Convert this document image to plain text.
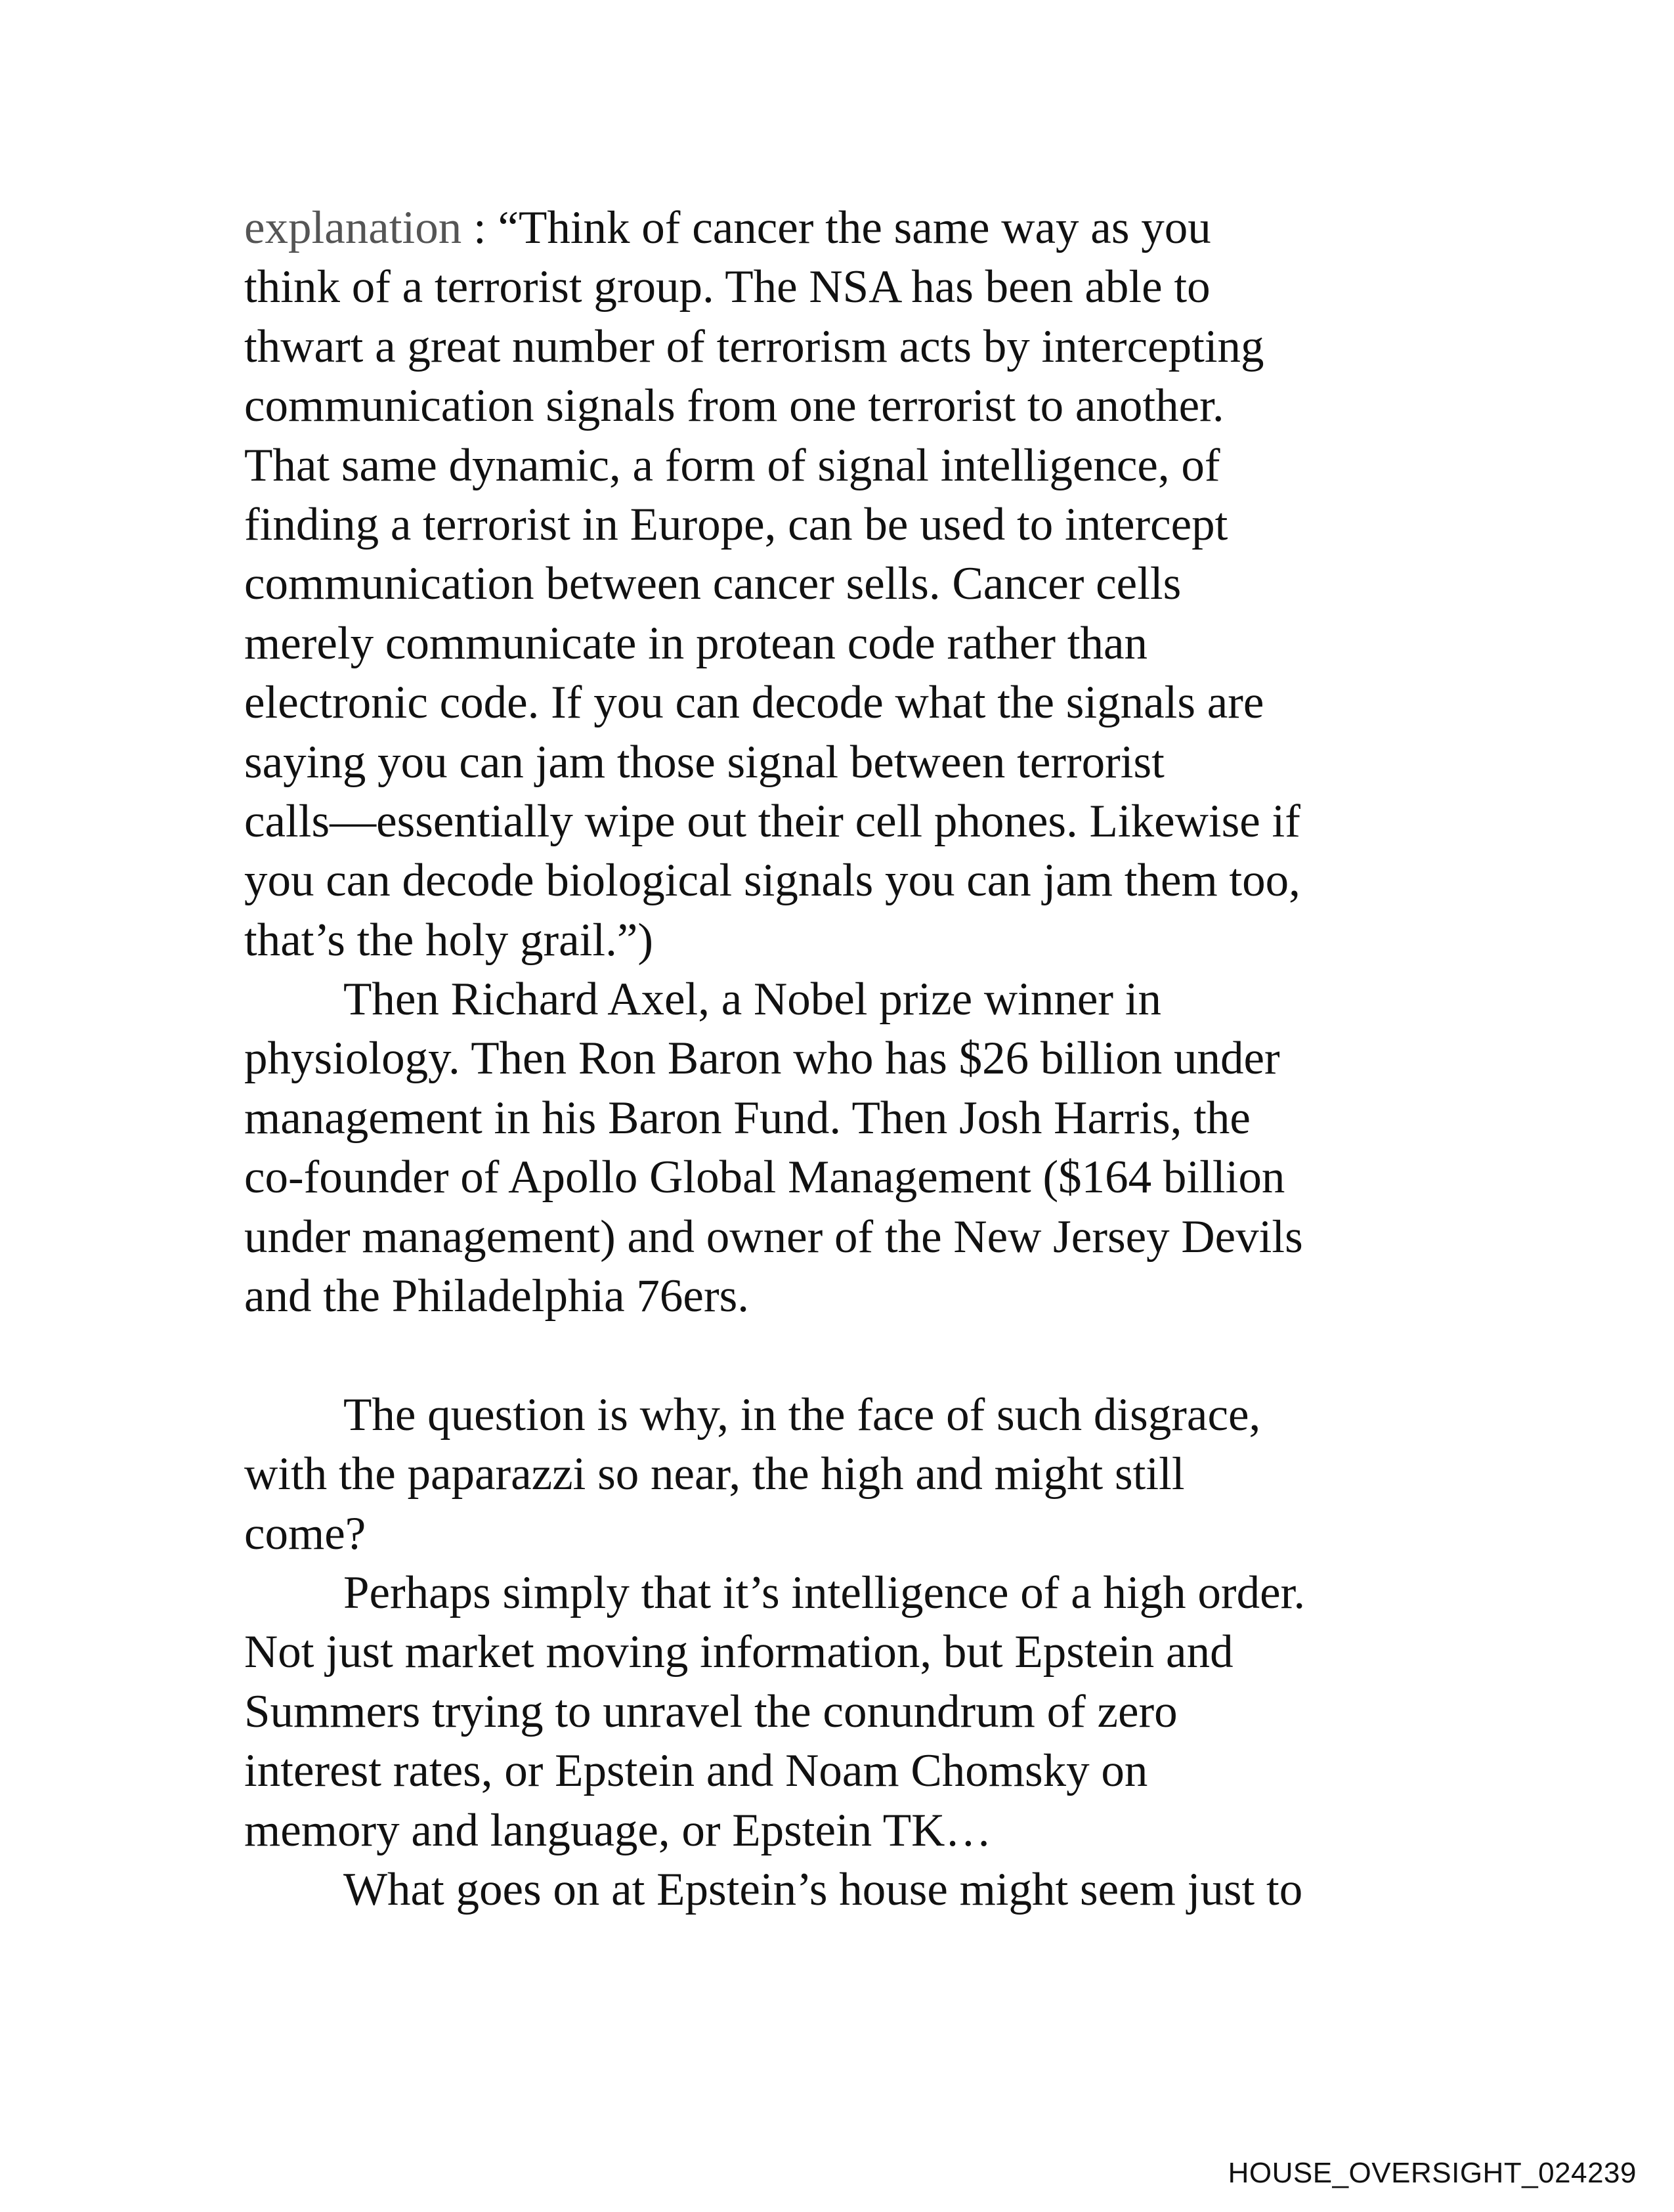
explanation : “Think of cancer the same way as you
think of a terrorist group. The NSA has been able to
thwart a great number of terrorism acts by intercepting
communication signals from one terrorist to another.
That same dynamic, a form of signal intelligence, of
finding a terrorist in Europe, can be used to intercept
communication between cancer sells. Cancer cells
merely communicate in protean code rather than
electronic code. If you can decode what the signals are
saying you can jam those signal between terrorist
calls—essentially wipe out their cell phones. Likewise if
you can decode biological signals you can jam them too,
that’s the holy grail.”)
Then Richard Axel, a Nobel prize winner in
physiology. Then Ron Baron who has $26 billion under
management in his Baron Fund. Then Josh Harris, the
co-founder of Apollo Global Management ($164 billion
under management) and owner of the New Jersey Devils
and the Philadelphia 76ers.
The question is why, in the face of such disgrace,
with the paparazzi so near, the high and might still
come?
Perhaps simply that it’s intelligence of a high order.
Not just market moving information, but Epstein and
Summers trying to unravel the conundrum of zero
interest rates, or Epstein and Noam Chomsky on
memory and language, or Epstein TK…
What goes on at Epstein’s house might seem just to
HOUSE_OVERSIGHT_024239
